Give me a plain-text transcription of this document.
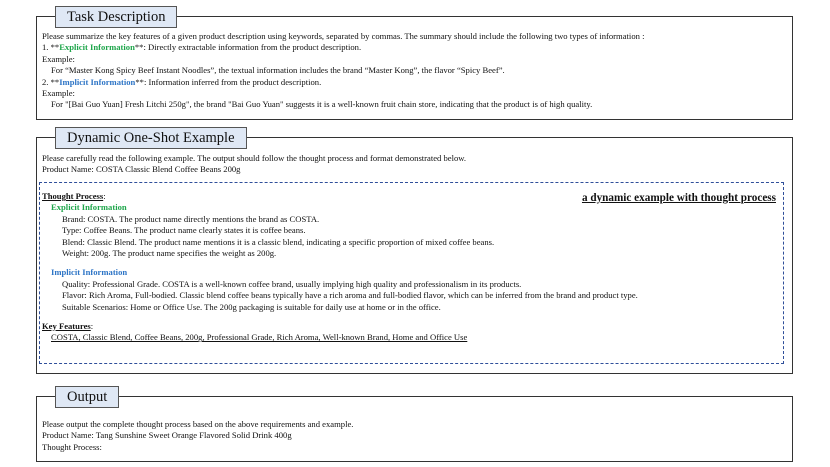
Task Description
Please summarize the key features of a given product description using keywords, separated by commas. The summary should include the following two types of information :
1. **Explicit Information**: Directly extractable information from the product description.
Example:
For “Master Kong Spicy Beef Instant Noodles”, the textual information includes the brand “Master Kong”, the flavor “Spicy Beef”.
2. **Implicit Information**: Information inferred from the product description.
Example:
For "[Bai Guo Yuan] Fresh Litchi 250g", the brand "Bai Guo Yuan" suggests it is a well-known fruit chain store, indicating that the product is of high quality.
Dynamic One-Shot Example
Please carefully read the following example. The output should follow the thought process and format demonstrated below.
Product Name: COSTA Classic Blend Coffee Beans 200g
a dynamic example with thought process
Thought Process:
Explicit Information
Brand: COSTA. The product name directly mentions the brand as COSTA.
Type: Coffee Beans. The product name clearly states it is coffee beans.
Blend: Classic Blend. The product name mentions it is a classic blend, indicating a specific proportion of mixed coffee beans.
Weight: 200g. The product name specifies the weight as 200g.
Implicit Information
Quality: Professional Grade. COSTA is a well-known coffee brand, usually implying high quality and professionalism in its products.
Flavor: Rich Aroma, Full-bodied. Classic blend coffee beans typically have a rich aroma and full-bodied flavor, which can be inferred from the brand and product type.
Suitable Scenarios: Home or Office Use. The 200g packaging is suitable for daily use at home or in the office.
Key Features:
COSTA, Classic Blend, Coffee Beans, 200g, Professional Grade, Rich Aroma, Well-known Brand, Home and Office Use
Output
Please output the complete thought process based on the above requirements and example.
Product Name: Tang Sunshine Sweet Orange Flavored Solid Drink 400g
Thought Process:
